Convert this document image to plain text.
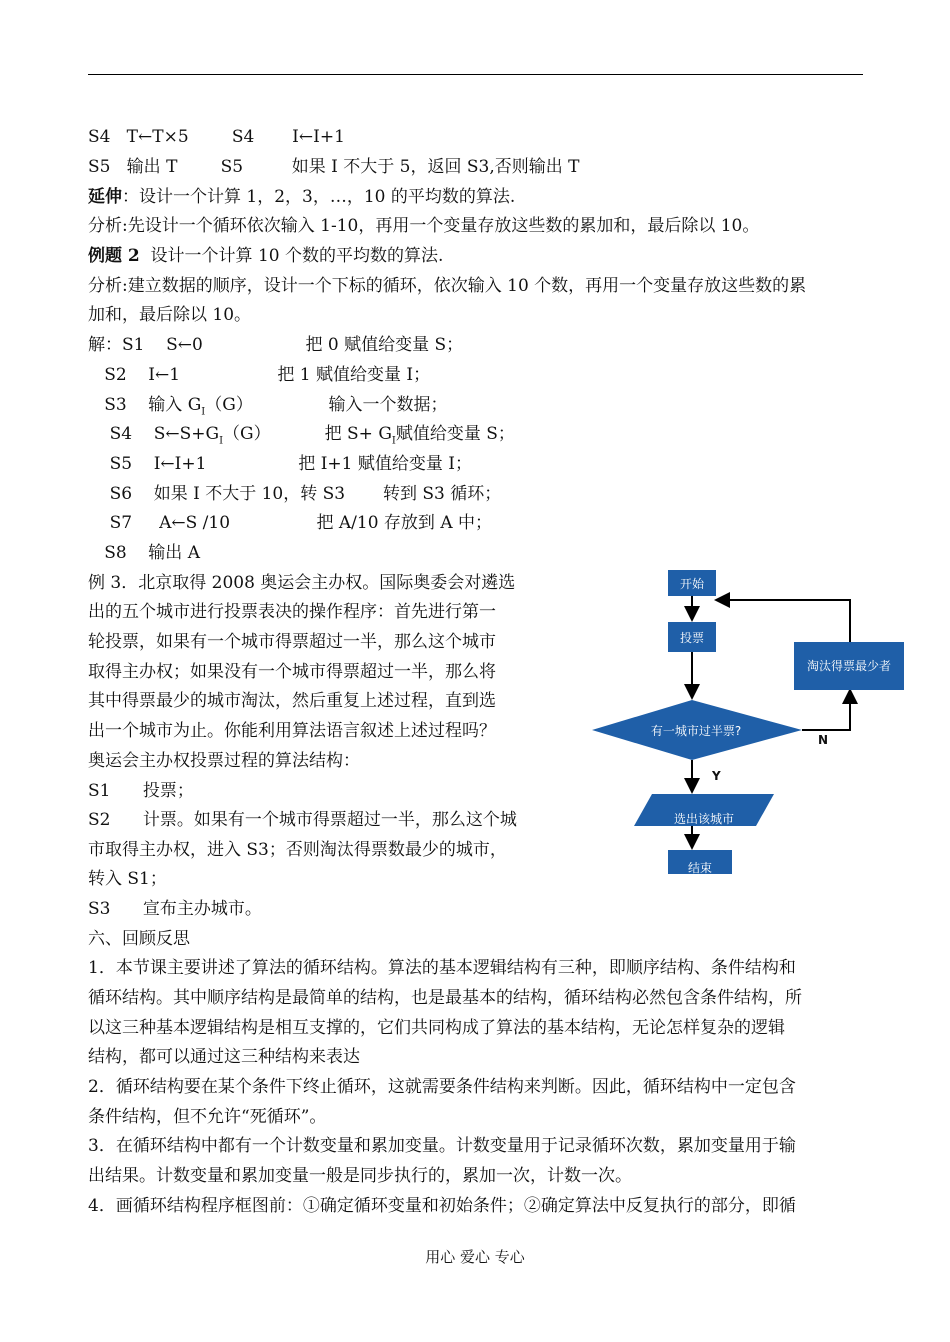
S4   T←T×5        S4       I←I+1
S5   输出 T        S5         如果 I 不大于 5，返回 S3,否则输出 T
延伸：设计一个计算 1，2，3，…，10 的平均数的算法.
分析:先设计一个循环依次输入 1-10，再用一个变量存放这些数的累加和，最后除以 10。
例题 2  设计一个计算 10 个数的平均数的算法.
分析:建立数据的顺序，设计一个下标的循环，依次输入 10 个数，再用一个变量存放这些数的累
加和，最后除以 10。
解：S1    S←0                   把 0 赋值给变量 S；
S2    I←1                  把 1 赋值给变量 I；
S3    输入 $G_I(G)$              输入一个数据；
S4    $S\leftarrow S+G_I(G)$          把 $S+ G_I$赋值给变量 S；
S5    I←I+1                 把 I+1 赋值给变量 I；
S6    如果 I 不大于 10，转 S3       转到 S3 循环；
S7     A←S /10                把 A/10 存放到 A 中；
S8    输出 A
例 3．北京取得 2008 奥运会主办权。国际奥委会对遴选
出的五个城市进行投票表决的操作程序：首先进行第一
轮投票，如果有一个城市得票超过一半，那么这个城市
取得主办权；如果没有一个城市得票超过一半，那么将
其中得票最少的城市淘汰，然后重复上述过程，直到选
出一个城市为止。你能利用算法语言叙述上述过程吗？
奥运会主办权投票过程的算法结构：
S1      投票；
S2      计票。如果有一个城市得票超过一半，那么这个城
市取得主办权，进入 S3；否则淘汰得票数最少的城市，
转入 S1；
S3      宣布主办城市。
六、回顾反思
1．本节课主要讲述了算法的循环结构。算法的基本逻辑结构有三种，即顺序结构、条件结构和
循环结构。其中顺序结构是最简单的结构，也是最基本的结构，循环结构必然包含条件结构，所
以这三种基本逻辑结构是相互支撑的，它们共同构成了算法的基本结构，无论怎样复杂的逻辑
结构，都可以通过这三种结构来表达
2．循环结构要在某个条件下终止循环，这就需要条件结构来判断。因此，循环结构中一定包含
条件结构，但不允许“死循环”。
3．在循环结构中都有一个计数变量和累加变量。计数变量用于记录循环次数，累加变量用于输
出结果。计数变量和累加变量一般是同步执行的，累加一次，计数一次。
4．画循环结构程序框图前：①确定循环变量和初始条件；②确定算法中反复执行的部分，即循
开始
投票
有一城市过半票?
N
淘汰得票最少者
Y
选出该城市
结束
用心 爱心 专心
